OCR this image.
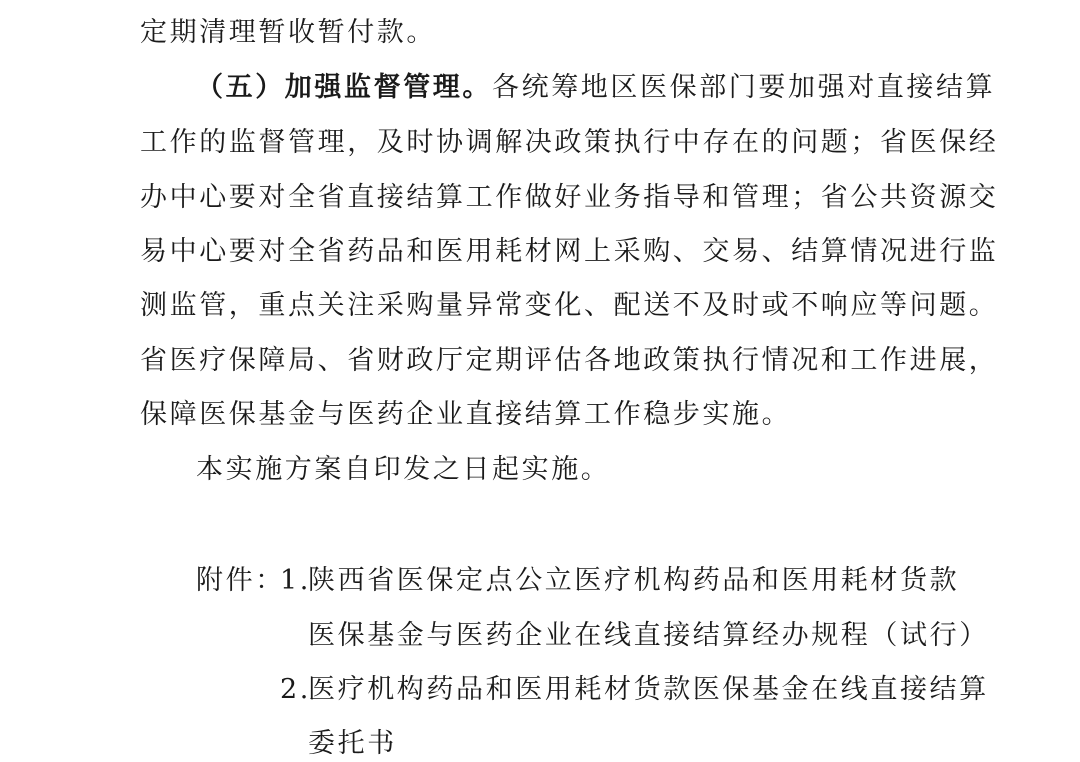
定期清理暂收暂付款。
（五）加强监督管理。各统筹地区医保部门要加强对直接结算
工作的监督管理，及时协调解决政策执行中存在的问题；省医保经
办中心要对全省直接结算工作做好业务指导和管理；省公共资源交
易中心要对全省药品和医用耗材网上采购、交易、结算情况进行监
测监管，重点关注采购量异常变化、配送不及时或不响应等问题。
省医疗保障局、省财政厅定期评估各地政策执行情况和工作进展，
保障医保基金与医药企业直接结算工作稳步实施。
本实施方案自印发之日起实施。
附件：
1.
陕西省医保定点公立医疗机构药品和医用耗材货款
医保基金与医药企业在线直接结算经办规程（试行）
2.
医疗机构药品和医用耗材货款医保基金在线直接结算
委托书
